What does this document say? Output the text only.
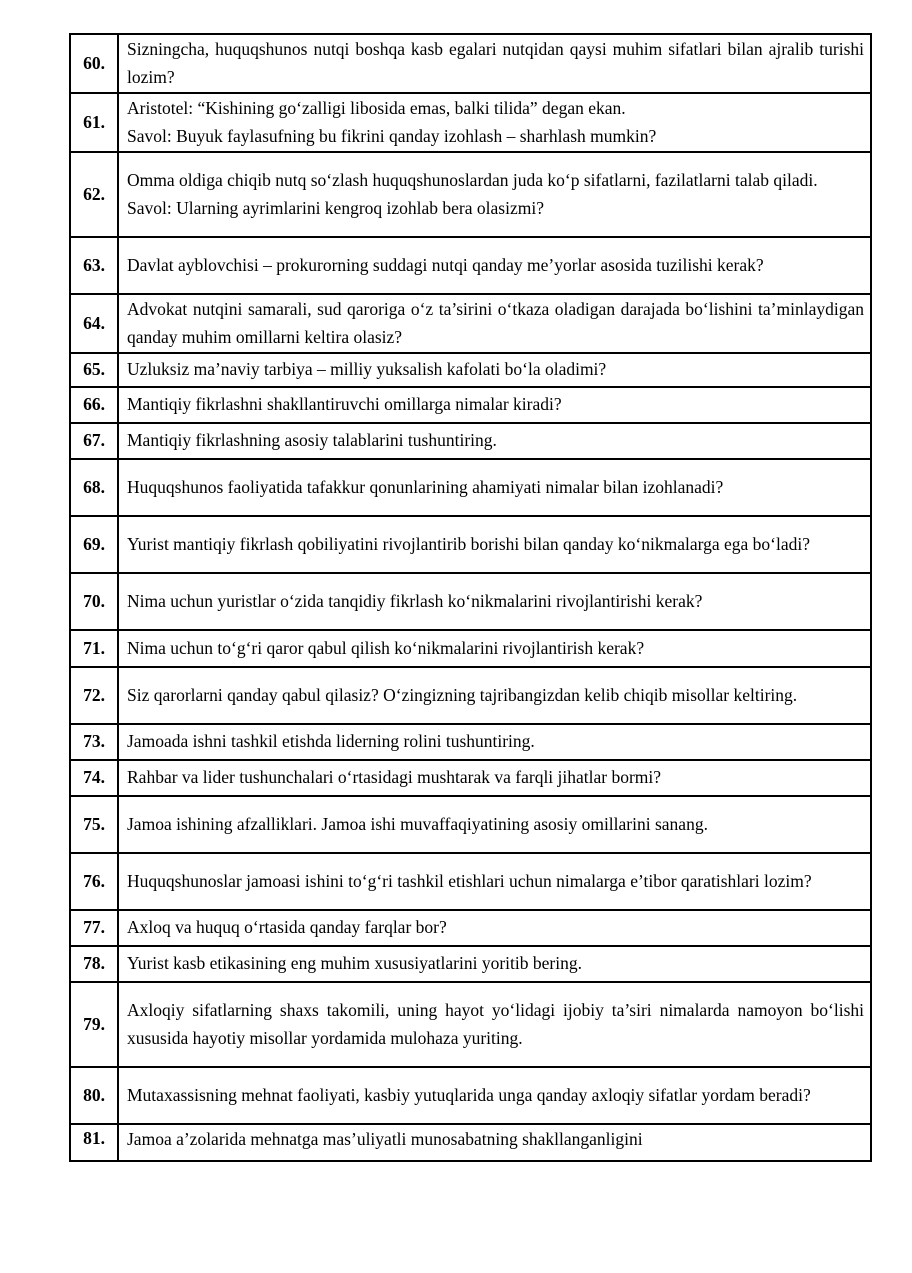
60.	Sizningcha, huquqshunos nutqi boshqa kasb egalari nutqidan qaysi muhim sifatlari bilan ajralib turishi lozim?

61.	Aristotel: “Kishining go‘zalligi libosida emas, balki tilida” degan ekan.
Savol: Buyuk faylasufning bu fikrini qanday izohlash – sharhlash mumkin?

62.	Omma oldiga chiqib nutq so‘zlash huquqshunoslardan juda ko‘p sifatlarni, fazilatlarni talab qiladi.
Savol: Ularning ayrimlarini kengroq izohlab bera olasizmi?

63.	Davlat ayblovchisi – prokurorning suddagi nutqi qanday me’yorlar asosida tuzilishi kerak?

64.	Advokat nutqini samarali, sud qaroriga o‘z ta’sirini o‘tkaza oladigan darajada bo‘lishini ta’minlaydigan qanday muhim omillarni keltira olasiz?

65.	Uzluksiz ma’naviy tarbiya – milliy yuksalish kafolati bo‘la oladimi?

66.	Mantiqiy fikrlashni shakllantiruvchi omillarga nimalar kiradi?

67.	Mantiqiy fikrlashning asosiy talablarini tushuntiring.

68.	Huquqshunos faoliyatida tafakkur qonunlarining ahamiyati nimalar bilan izohlanadi?

69.	Yurist mantiqiy fikrlash qobiliyatini rivojlantirib borishi bilan qanday ko‘nikmalarga ega bo‘ladi?

70.	Nima uchun yuristlar o‘zida tanqidiy fikrlash ko‘nikmalarini rivojlantirishi kerak?

71.	Nima uchun to‘g‘ri qaror qabul qilish ko‘nikmalarini rivojlantirish kerak?

72.	Siz qarorlarni qanday qabul qilasiz? O‘zingizning tajribangizdan kelib chiqib misollar keltiring.

73.	Jamoada ishni tashkil etishda liderning rolini tushuntiring.

74.	Rahbar va lider tushunchalari o‘rtasidagi mushtarak va farqli jihatlar bormi?

75.	Jamoa ishining afzalliklari. Jamoa ishi muvaffaqiyatining asosiy omillarini sanang.

76.	Huquqshunoslar jamoasi ishini to‘g‘ri tashkil etishlari uchun nimalarga e’tibor qaratishlari lozim?

77.	Axloq va huquq o‘rtasida qanday farqlar bor?

78.	Yurist kasb etikasining eng muhim xususiyatlarini yoritib bering.

79.	Axloqiy sifatlarning shaxs takomili, uning hayot yo‘lidagi ijobiy ta’siri nimalarda namoyon bo‘lishi xususida hayotiy misollar yordamida mulohaza yuriting.

80.	Mutaxassisning mehnat faoliyati, kasbiy yutuqlarida unga qanday axloqiy sifatlar yordam beradi?

81.	Jamoa a’zolarida mehnatga mas’uliyatli munosabatning shakllanganligini
